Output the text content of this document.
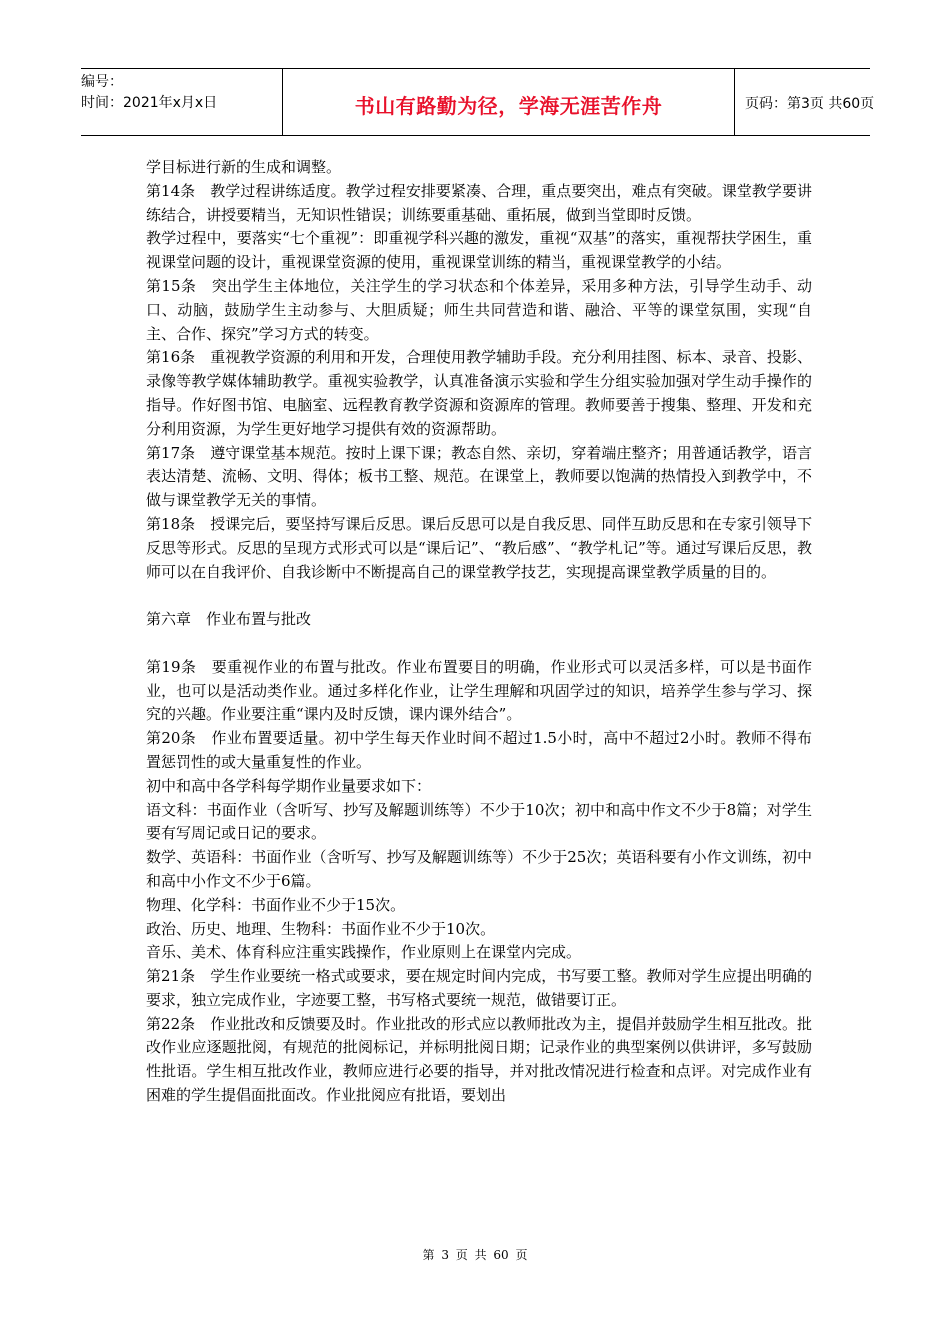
编号：
时间：2021年x月x日	书山有路勤为径，学海无涯苦作舟	页码：第3页 共60页

学目标进行新的生成和调整。

第14条　教学过程讲练适度。教学过程安排要紧凑、合理，重点要突出，难点有突破。课堂教学要讲练结合，讲授要精当，无知识性错误；训练要重基础、重拓展，做到当堂即时反馈。

教学过程中，要落实“七个重视”：即重视学科兴趣的激发，重视“双基”的落实，重视帮扶学困生，重视课堂问题的设计，重视课堂资源的使用，重视课堂训练的精当，重视课堂教学的小结。

第15条　突出学生主体地位，关注学生的学习状态和个体差异，采用多种方法，引导学生动手、动口、动脑，鼓励学生主动参与、大胆质疑；师生共同营造和谐、融洽、平等的课堂氛围，实现“自主、合作、探究”学习方式的转变。

第16条　重视教学资源的利用和开发，合理使用教学辅助手段。充分利用挂图、标本、录音、投影、录像等教学媒体辅助教学。重视实验教学，认真准备演示实验和学生分组实验加强对学生动手操作的指导。作好图书馆、电脑室、远程教育教学资源和资源库的管理。教师要善于搜集、整理、开发和充分利用资源，为学生更好地学习提供有效的资源帮助。

第17条　遵守课堂基本规范。按时上课下课；教态自然、亲切，穿着端庄整齐；用普通话教学，语言表达清楚、流畅、文明、得体；板书工整、规范。在课堂上，教师要以饱满的热情投入到教学中，不做与课堂教学无关的事情。

第18条　授课完后，要坚持写课后反思。课后反思可以是自我反思、同伴互助反思和在专家引领导下反思等形式。反思的呈现方式形式可以是“课后记”、“教后感”、“教学札记”等。通过写课后反思，教师可以在自我评价、自我诊断中不断提高自己的课堂教学技艺，实现提高课堂教学质量的目的。

第六章　作业布置与批改

第19条　要重视作业的布置与批改。作业布置要目的明确，作业形式可以灵活多样，可以是书面作业，也可以是活动类作业。通过多样化作业，让学生理解和巩固学过的知识，培养学生参与学习、探究的兴趣。作业要注重“课内及时反馈，课内课外结合”。

第20条　作业布置要适量。初中学生每天作业时间不超过1.5小时，高中不超过2小时。教师不得布置惩罚性的或大量重复性的作业。

初中和高中各学科每学期作业量要求如下：

语文科：书面作业（含听写、抄写及解题训练等）不少于10次；初中和高中作文不少于8篇；对学生要有写周记或日记的要求。

数学、英语科：书面作业（含听写、抄写及解题训练等）不少于25次；英语科要有小作文训练，初中和高中小作文不少于6篇。

物理、化学科：书面作业不少于15次。

政治、历史、地理、生物科：书面作业不少于10次。

音乐、美术、体育科应注重实践操作，作业原则上在课堂内完成。

第21条　学生作业要统一格式或要求，要在规定时间内完成，书写要工整。教师对学生应提出明确的要求，独立完成作业，字迹要工整，书写格式要统一规范，做错要订正。

第22条　作业批改和反馈要及时。作业批改的形式应以教师批改为主，提倡并鼓励学生相互批改。批改作业应逐题批阅，有规范的批阅标记，并标明批阅日期；记录作业的典型案例以供讲评，多写鼓励性批语。学生相互批改作业，教师应进行必要的指导，并对批改情况进行检查和点评。对完成作业有困难的学生提倡面批面改。作业批阅应有批语，要划出

第 3 页 共 60 页
